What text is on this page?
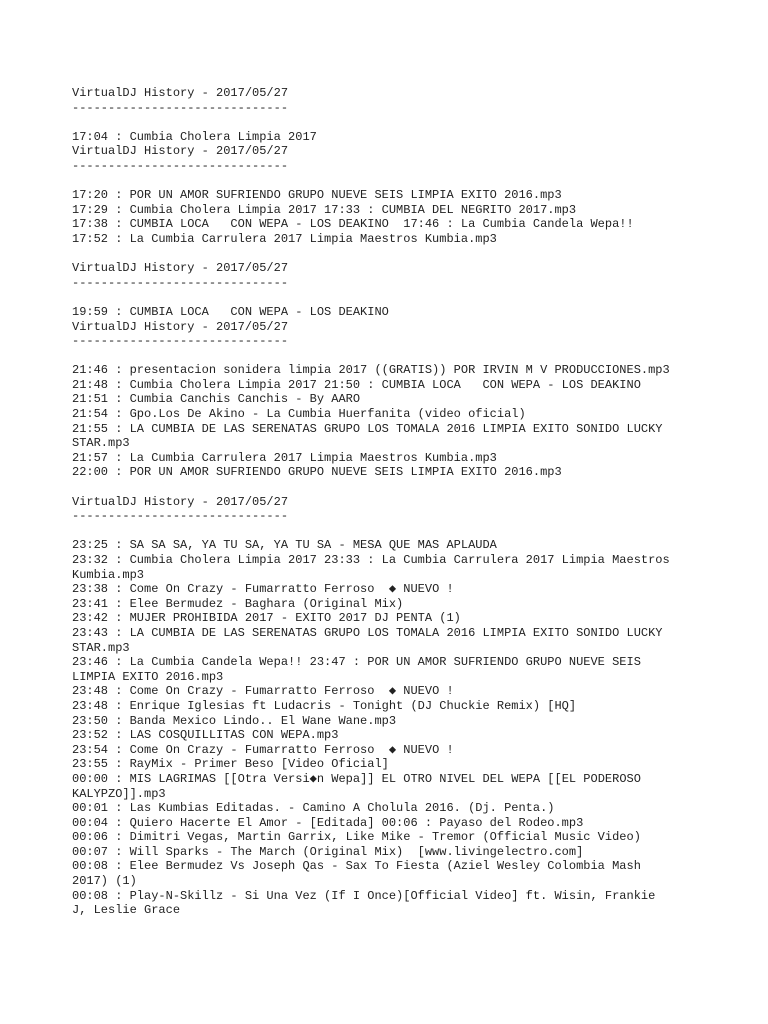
VirtualDJ History - 2017/05/27
------------------------------
17:04 : Cumbia Cholera Limpia 2017
VirtualDJ History - 2017/05/27
------------------------------
17:20 : POR UN AMOR SUFRIENDO GRUPO NUEVE SEIS LIMPIA EXITO 2016.mp3
17:29 : Cumbia Cholera Limpia 2017 17:33 : CUMBIA DEL NEGRITO 2017.mp3
17:38 : CUMBIA LOCA   CON WEPA - LOS DEAKINO  17:46 : La Cumbia Candela Wepa!!
17:52 : La Cumbia Carrulera 2017 Limpia Maestros Kumbia.mp3
VirtualDJ History - 2017/05/27
------------------------------
19:59 : CUMBIA LOCA   CON WEPA - LOS DEAKINO
VirtualDJ History - 2017/05/27
------------------------------
21:46 : presentacion sonidera limpia 2017 ((GRATIS)) POR IRVIN M V PRODUCCIONES.mp3
21:48 : Cumbia Cholera Limpia 2017 21:50 : CUMBIA LOCA   CON WEPA - LOS DEAKINO
21:51 : Cumbia Canchis Canchis - By AARO
21:54 : Gpo.Los De Akino - La Cumbia Huerfanita (video oficial)
21:55 : LA CUMBIA DE LAS SERENATAS GRUPO LOS TOMALA 2016 LIMPIA EXITO SONIDO LUCKY
STAR.mp3
21:57 : La Cumbia Carrulera 2017 Limpia Maestros Kumbia.mp3
22:00 : POR UN AMOR SUFRIENDO GRUPO NUEVE SEIS LIMPIA EXITO 2016.mp3
VirtualDJ History - 2017/05/27
------------------------------
23:25 : SA SA SA, YA TU SA, YA TU SA - MESA QUE MAS APLAUDA
23:32 : Cumbia Cholera Limpia 2017 23:33 : La Cumbia Carrulera 2017 Limpia Maestros
Kumbia.mp3
23:38 : Come On Crazy - Fumarratto Ferroso  ◆ NUEVO !
23:41 : Elee Bermudez - Baghara (Original Mix)
23:42 : MUJER PROHIBIDA 2017 - EXITO 2017 DJ PENTA (1)
23:43 : LA CUMBIA DE LAS SERENATAS GRUPO LOS TOMALA 2016 LIMPIA EXITO SONIDO LUCKY
STAR.mp3
23:46 : La Cumbia Candela Wepa!! 23:47 : POR UN AMOR SUFRIENDO GRUPO NUEVE SEIS
LIMPIA EXITO 2016.mp3
23:48 : Come On Crazy - Fumarratto Ferroso  ◆ NUEVO !
23:48 : Enrique Iglesias ft Ludacris - Tonight (DJ Chuckie Remix) [HQ]
23:50 : Banda Mexico Lindo.. El Wane Wane.mp3
23:52 : LAS COSQUILLITAS CON WEPA.mp3
23:54 : Come On Crazy - Fumarratto Ferroso  ◆ NUEVO !
23:55 : RayMix - Primer Beso [Video Oficial]
00:00 : MIS LAGRIMAS [[Otra Versi◆n Wepa]] EL OTRO NIVEL DEL WEPA [[EL PODEROSO
KALYPZO]].mp3
00:01 : Las Kumbias Editadas. - Camino A Cholula 2016. (Dj. Penta.)
00:04 : Quiero Hacerte El Amor - [Editada] 00:06 : Payaso del Rodeo.mp3
00:06 : Dimitri Vegas, Martin Garrix, Like Mike - Tremor (Official Music Video)
00:07 : Will Sparks - The March (Original Mix)  [www.livingelectro.com]
00:08 : Elee Bermudez Vs Joseph Qas - Sax To Fiesta (Aziel Wesley Colombia Mash
2017) (1)
00:08 : Play-N-Skillz - Si Una Vez (If I Once)[Official Video] ft. Wisin, Frankie
J, Leslie Grace
